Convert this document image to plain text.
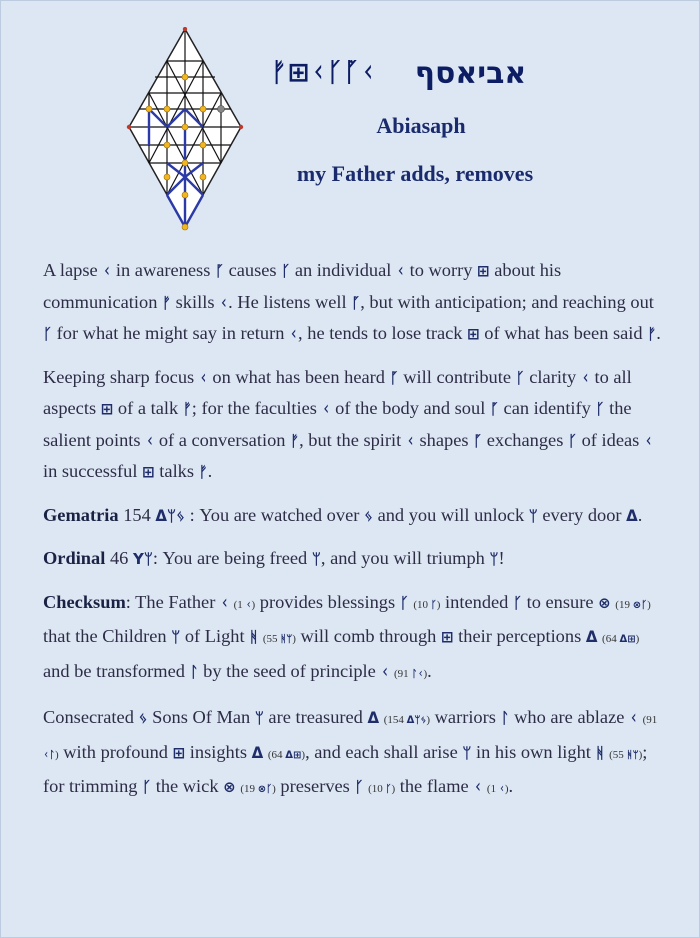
ᚠ⊞ᚲᚴᚵᚲ אביאסף
Abiasaph
my Father adds, removes

A lapse ᚲ in awareness ᚵ causes ᚴ an individual ᚲ to worry ⊞ about his communication ᚠ skills ᚲ. He listens well ᚵ, but with anticipation; and reaching out ᚴ for what he might say in return ᚲ, he tends to lose track ⊞ of what has been said ᚠ.

Keeping sharp focus ᚲ on what has been heard ᚵ will contribute ᚴ clarity ᚲ to all aspects ⊞ of a talk ᚠ; for the faculties ᚲ of the body and soul ᚵ can identify ᚴ the salient points ᚲ of a conversation ᚠ, but the spirit ᚲ shapes ᚵ exchanges ᚴ of ideas ᚲ in successful ⊞ talks ᚠ.

Gematria 154 ᐃᛘᛃ : You are watched over ᛃ and you will unlock ᛘ every door ᐃ.

Ordinal 46 Yᛘ: You are being freed ᛘ, and you will triumph ᛘ!

Checksum: The Father ᚲ (1 ᚲ) provides blessings ᚴ (10 ᚴ) intended ᚴ to ensure ⊗ (19 ⊗ᚴ) that the Children ᛘ of Light ᚻ (55 ᚻᛘ) will comb through ⊞ their perceptions ᐃ (64 ᐃ⊞) and be transformed ᛚ by the seed of principle ᚲ (91 ᛚᚲ).

Consecrated ᛃ Sons Of Man ᛘ are treasured ᐃ (154 ᐃᛘᛃ) warriors ᛚ who are ablaze ᚲ (91 ᚲᛚ) with profound ⊞ insights ᐃ (64 ᐃ⊞), and each shall arise ᛘ in his own light ᚻ (55 ᚻᛘ); for trimming ᚴ the wick ⊗ (19 ⊗ᚴ) preserves ᚴ (10 ᚴ) the flame ᚲ (1 ᚲ).
